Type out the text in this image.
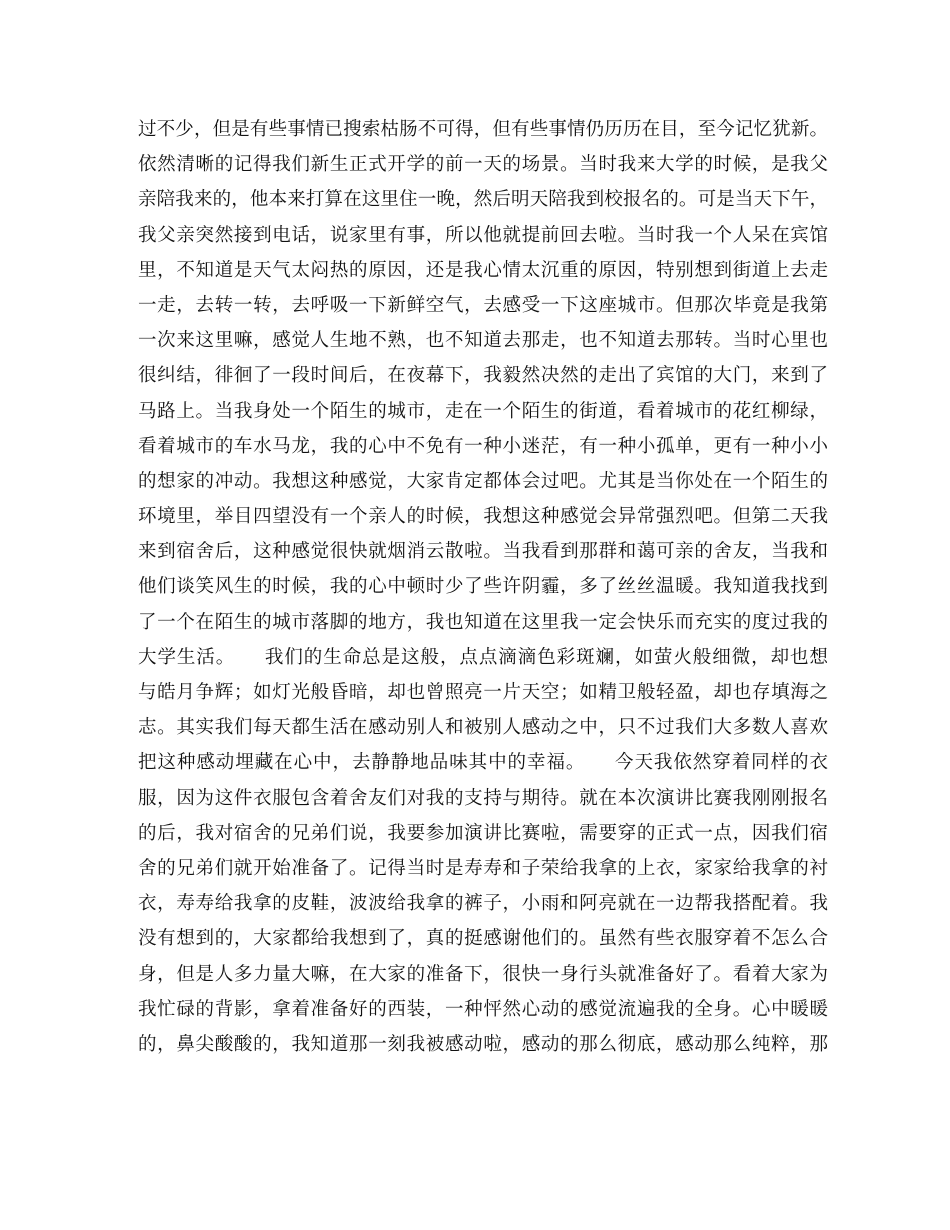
过不少，但是有些事情已搜索枯肠不可得，但有些事情仍历历在目，至今记忆犹新。
依然清晰的记得我们新生正式开学的前一天的场景。当时我来大学的时候，是我父
亲陪我来的，他本来打算在这里住一晚，然后明天陪我到校报名的。可是当天下午，
我父亲突然接到电话，说家里有事，所以他就提前回去啦。当时我一个人呆在宾馆
里，不知道是天气太闷热的原因，还是我心情太沉重的原因，特别想到街道上去走
一走，去转一转，去呼吸一下新鲜空气，去感受一下这座城市。但那次毕竟是我第
一次来这里嘛，感觉人生地不熟，也不知道去那走，也不知道去那转。当时心里也
很纠结，徘徊了一段时间后，在夜幕下，我毅然决然的走出了宾馆的大门，来到了
马路上。当我身处一个陌生的城市，走在一个陌生的街道，看着城市的花红柳绿，
看着城市的车水马龙，我的心中不免有一种小迷茫，有一种小孤单，更有一种小小
的想家的冲动。我想这种感觉，大家肯定都体会过吧。尤其是当你处在一个陌生的
环境里，举目四望没有一个亲人的时候，我想这种感觉会异常强烈吧。但第二天我
来到宿舍后，这种感觉很快就烟消云散啦。当我看到那群和蔼可亲的舍友，当我和
他们谈笑风生的时候，我的心中顿时少了些许阴霾，多了丝丝温暖。我知道我找到
了一个在陌生的城市落脚的地方，我也知道在这里我一定会快乐而充实的度过我的
大学生活。　　我们的生命总是这般，点点滴滴色彩斑斓，如萤火般细微，却也想
与皓月争辉；如灯光般昏暗，却也曾照亮一片天空；如精卫般轻盈，却也存填海之
志。其实我们每天都生活在感动别人和被别人感动之中，只不过我们大多数人喜欢
把这种感动埋藏在心中，去静静地品味其中的幸福。　　今天我依然穿着同样的衣
服，因为这件衣服包含着舍友们对我的支持与期待。就在本次演讲比赛我刚刚报名
的后，我对宿舍的兄弟们说，我要参加演讲比赛啦，需要穿的正式一点，因我们宿
舍的兄弟们就开始准备了。记得当时是寿寿和子荣给我拿的上衣，家家给我拿的衬
衣，寿寿给我拿的皮鞋，波波给我拿的裤子，小雨和阿亮就在一边帮我搭配着。我
没有想到的，大家都给我想到了，真的挺感谢他们的。虽然有些衣服穿着不怎么合
身，但是人多力量大嘛，在大家的准备下，很快一身行头就准备好了。看着大家为
我忙碌的背影，拿着准备好的西装，一种怦然心动的感觉流遍我的全身。心中暖暖
的，鼻尖酸酸的，我知道那一刻我被感动啦，感动的那么彻底，感动那么纯粹，那
